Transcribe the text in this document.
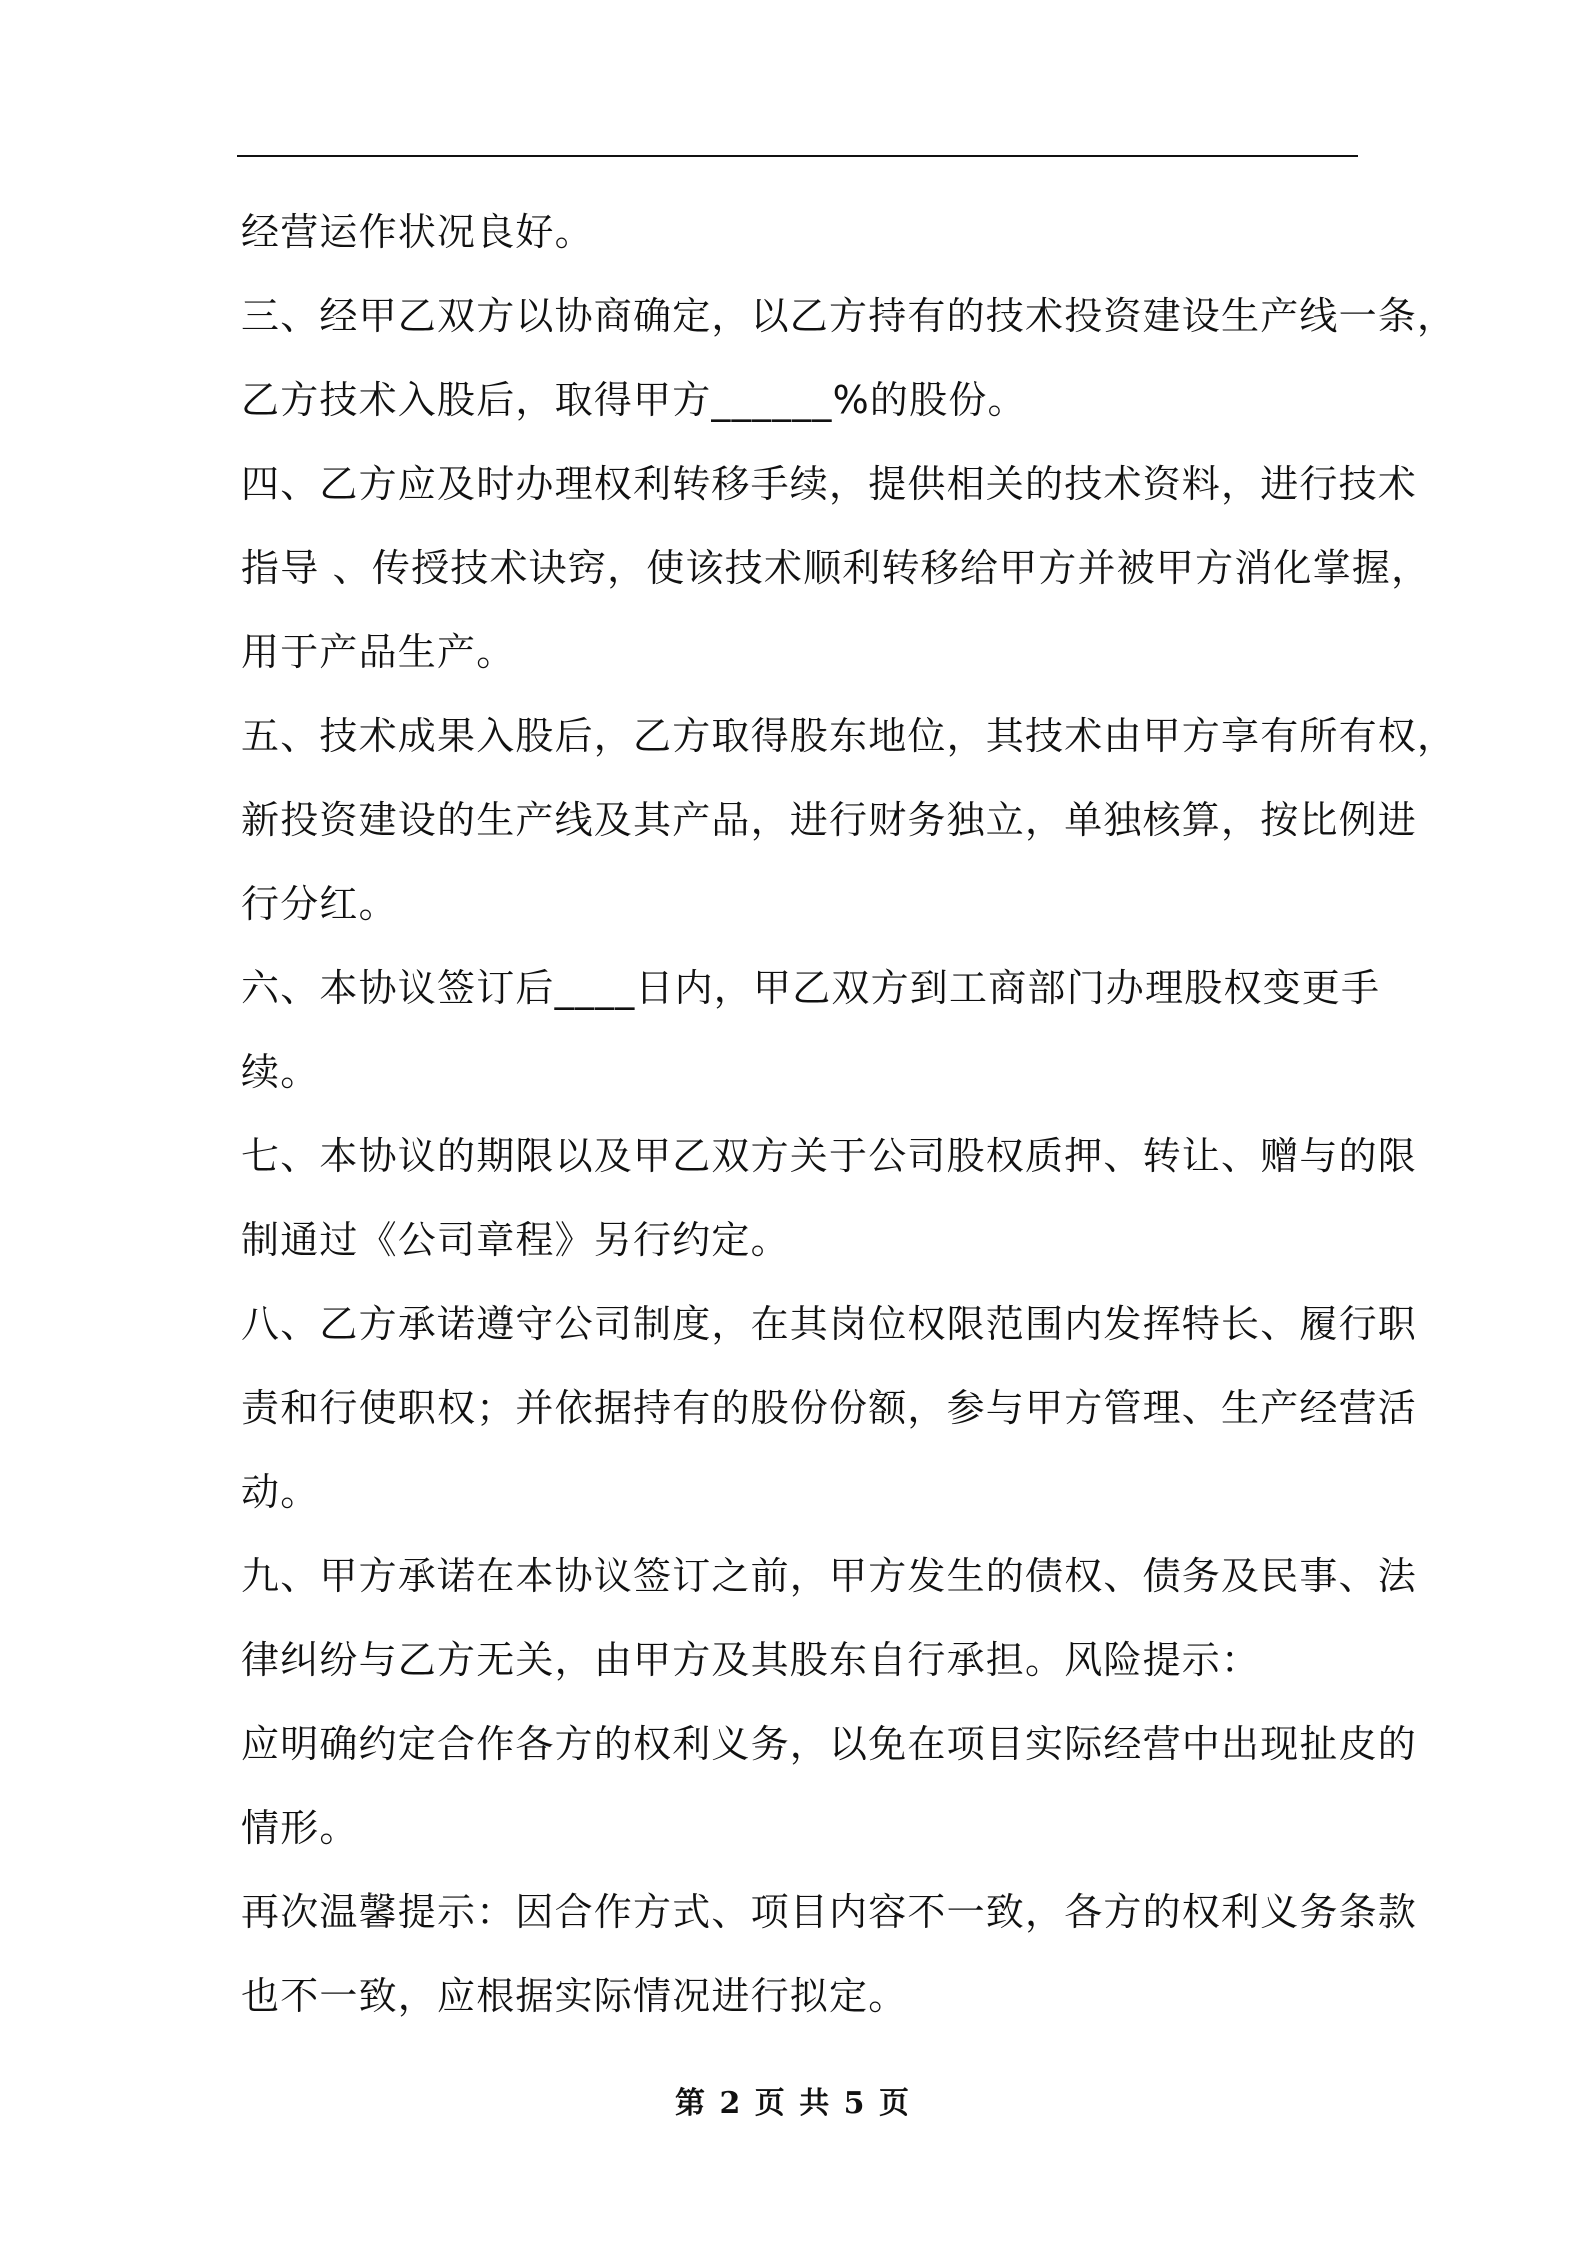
经营运作状况良好。
三、经甲乙双方以协商确定，以乙方持有的技术投资建设生产线一条，
乙方技术入股后，取得甲方______%的股份。
四、乙方应及时办理权利转移手续，提供相关的技术资料，进行技术
指导 、传授技术诀窍，使该技术顺利转移给甲方并被甲方消化掌握，
用于产品生产。
五、技术成果入股后，乙方取得股东地位，其技术由甲方享有所有权，
新投资建设的生产线及其产品，进行财务独立，单独核算，按比例进
行分红。
六、本协议签订后____日内，甲乙双方到工商部门办理股权变更手
续。
七、本协议的期限以及甲乙双方关于公司股权质押、转让、赠与的限
制通过《公司章程》另行约定。
八、乙方承诺遵守公司制度，在其岗位权限范围内发挥特长、履行职
责和行使职权；并依据持有的股份份额，参与甲方管理、生产经营活
动。
九、甲方承诺在本协议签订之前，甲方发生的债权、债务及民事、法
律纠纷与乙方无关，由甲方及其股东自行承担。风险提示：
应明确约定合作各方的权利义务，以免在项目实际经营中出现扯皮的
情形。
再次温馨提示：因合作方式、项目内容不一致，各方的权利义务条款
也不一致，应根据实际情况进行拟定。
第 2 页 共 5 页
